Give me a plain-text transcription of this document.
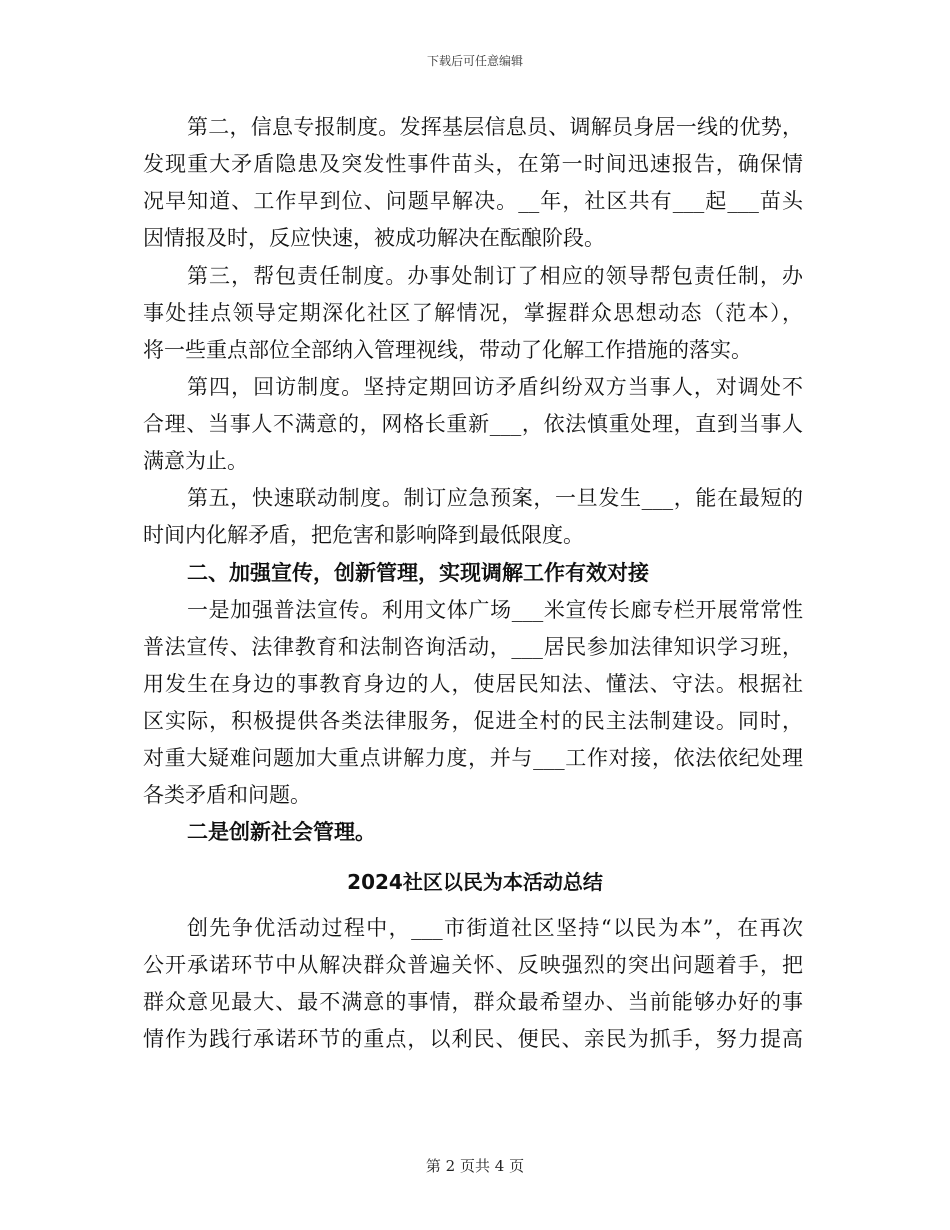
下载后可任意编辑
第二，信息专报制度。发挥基层信息员、调解员身居一线的优势，
发现重大矛盾隐患及突发性事件苗头，在第一时间迅速报告，确保情
况早知道、工作早到位、问题早解决。__年，社区共有___起___苗头
因情报及时，反应快速，被成功解决在酝酿阶段。
第三，帮包责任制度。办事处制订了相应的领导帮包责任制，办
事处挂点领导定期深化社区了解情况，掌握群众思想动态（范本），
将一些重点部位全部纳入管理视线，带动了化解工作措施的落实。
第四，回访制度。坚持定期回访矛盾纠纷双方当事人，对调处不
合理、当事人不满意的，网格长重新___，依法慎重处理，直到当事人
满意为止。
第五，快速联动制度。制订应急预案，一旦发生___，能在最短的
时间内化解矛盾，把危害和影响降到最低限度。
二、加强宣传，创新管理，实现调解工作有效对接
一是加强普法宣传。利用文体广场___米宣传长廊专栏开展常常性
普法宣传、法律教育和法制咨询活动，___居民参加法律知识学习班，
用发生在身边的事教育身边的人，使居民知法、懂法、守法。根据社
区实际，积极提供各类法律服务，促进全村的民主法制建设。同时，
对重大疑难问题加大重点讲解力度，并与___工作对接，依法依纪处理
各类矛盾和问题。
二是创新社会管理。
2024社区以民为本活动总结
创先争优活动过程中，___市街道社区坚持“以民为本”，在再次
公开承诺环节中从解决群众普遍关怀、反映强烈的突出问题着手，把
群众意见最大、最不满意的事情，群众最希望办、当前能够办好的事
情作为践行承诺环节的重点，以利民、便民、亲民为抓手，努力提高
第 2 页共 4 页
